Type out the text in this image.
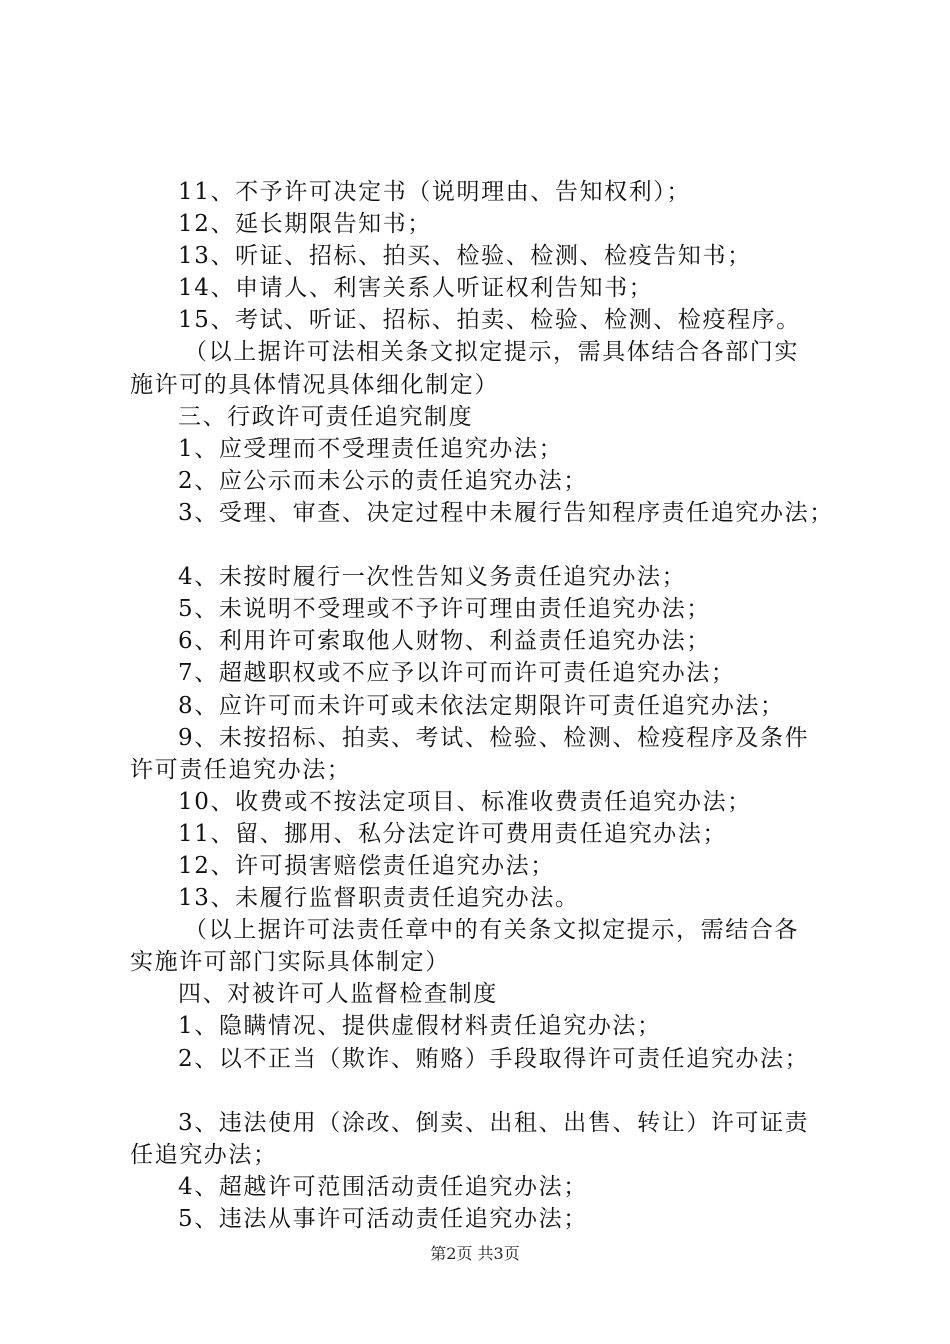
11、不予许可决定书（说明理由、告知权利）；
12、延长期限告知书；
13、听证、招标、拍买、检验、检测、检疫告知书；
14、申请人、利害关系人听证权利告知书；
15、考试、听证、招标、拍卖、检验、检测、检疫程序。
（以上据许可法相关条文拟定提示，需具体结合各部门实
施许可的具体情况具体细化制定）
三、行政许可责任追究制度
1、应受理而不受理责任追究办法；
2、应公示而未公示的责任追究办法；
3、受理、审查、决定过程中未履行告知程序责任追究办法；
4、未按时履行一次性告知义务责任追究办法；
5、未说明不受理或不予许可理由责任追究办法；
6、利用许可索取他人财物、利益责任追究办法；
7、超越职权或不应予以许可而许可责任追究办法；
8、应许可而未许可或未依法定期限许可责任追究办法；
9、未按招标、拍卖、考试、检验、检测、检疫程序及条件
许可责任追究办法；
10、收费或不按法定项目、标准收费责任追究办法；
11、留、挪用、私分法定许可费用责任追究办法；
12、许可损害赔偿责任追究办法；
13、未履行监督职责责任追究办法。
（以上据许可法责任章中的有关条文拟定提示，需结合各
实施许可部门实际具体制定）
四、对被许可人监督检查制度
1、隐瞒情况、提供虚假材料责任追究办法；
2、以不正当（欺诈、贿赂）手段取得许可责任追究办法；
3、违法使用（涂改、倒卖、出租、出售、转让）许可证责
任追究办法；
4、超越许可范围活动责任追究办法；
5、违法从事许可活动责任追究办法；
第2页 共3页
